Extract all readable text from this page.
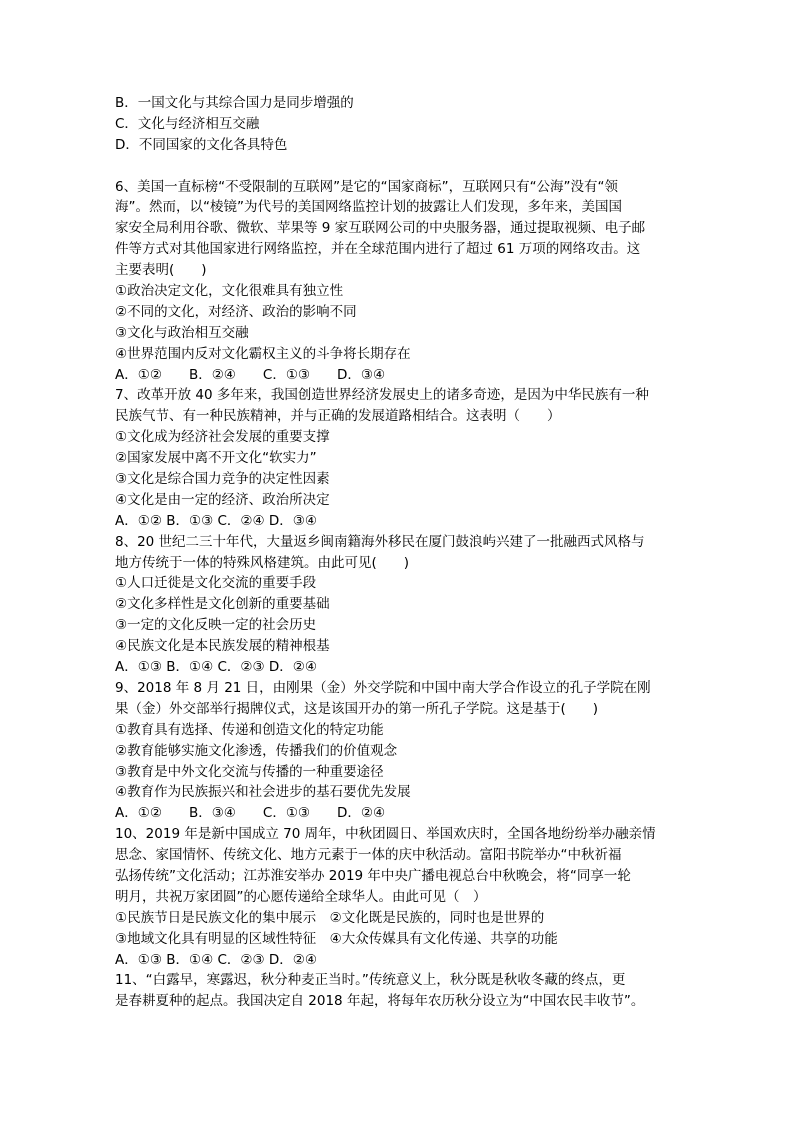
B．一国文化与其综合国力是同步增强的
C．文化与经济相互交融
D．不同国家的文化各具特色
6、美国一直标榜“不受限制的互联网”是它的“国家商标”，互联网只有“公海”没有“领
海”。然而，以“棱镜”为代号的美国网络监控计划的披露让人们发现，多年来，美国国
家安全局利用谷歌、微软、苹果等 9 家互联网公司的中央服务器，通过提取视频、电子邮
件等方式对其他国家进行网络监控，并在全球范围内进行了超过 61 万项的网络攻击。这
主要表明(　　)
①政治决定文化，文化很难具有独立性
②不同的文化，对经济、政治的影响不同
③文化与政治相互交融
④世界范围内反对文化霸权主义的斗争将长期存在
A．①②　　B．②④　　C．①③　　D．③④
7、改革开放 40 多年来，我国创造世界经济发展史上的诸多奇迹，是因为中华民族有一种
民族气节、有一种民族精神，并与正确的发展道路相结合。这表明（　　）
①文化成为经济社会发展的重要支撑
②国家发展中离不开文化“软实力”
③文化是综合国力竞争的决定性因素
④文化是由一定的经济、政治所决定
A．①② B．①③ C．②④ D．③④
8、20 世纪二三十年代，大量返乡闽南籍海外移民在厦门鼓浪屿兴建了一批融西式风格与
地方传统于一体的特殊风格建筑。由此可见(　　)
①人口迁徙是文化交流的重要手段
②文化多样性是文化创新的重要基础
③一定的文化反映一定的社会历史
④民族文化是本民族发展的精神根基
A．①③ B．①④ C．②③ D．②④
9、2018 年 8 月 21 日，由刚果（金）外交学院和中国中南大学合作设立的孔子学院在刚
果（金）外交部举行揭牌仪式，这是该国开办的第一所孔子学院。这是基于(　　)
①教育具有选择、传递和创造文化的特定功能
②教育能够实施文化渗透，传播我们的价值观念
③教育是中外文化交流与传播的一种重要途径
④教育作为民族振兴和社会进步的基石要优先发展
A．①②　　B．③④　　C．①③　　D．②④
10、2019 年是新中国成立 70 周年，中秋团圆日、举国欢庆时，全国各地纷纷举办融亲情
思念、家国情怀、传统文化、地方元素于一体的庆中秋活动。富阳书院举办“中秋祈福
弘扬传统”文化活动；江苏淮安举办 2019 年中央广播电视总台中秋晚会，将“同享一轮
明月，共祝万家团圆”的心愿传递给全球华人。由此可见（　）
①民族节日是民族文化的集中展示　②文化既是民族的，同时也是世界的
③地域文化具有明显的区域性特征　④大众传媒具有文化传递、共享的功能
A．①③ B．①④ C．②③ D．②④
11、“白露早，寒露迟，秋分种麦正当时。”传统意义上，秋分既是秋收冬藏的终点，更
是春耕夏种的起点。我国决定自 2018 年起，将每年农历秋分设立为“中国农民丰收节”。
